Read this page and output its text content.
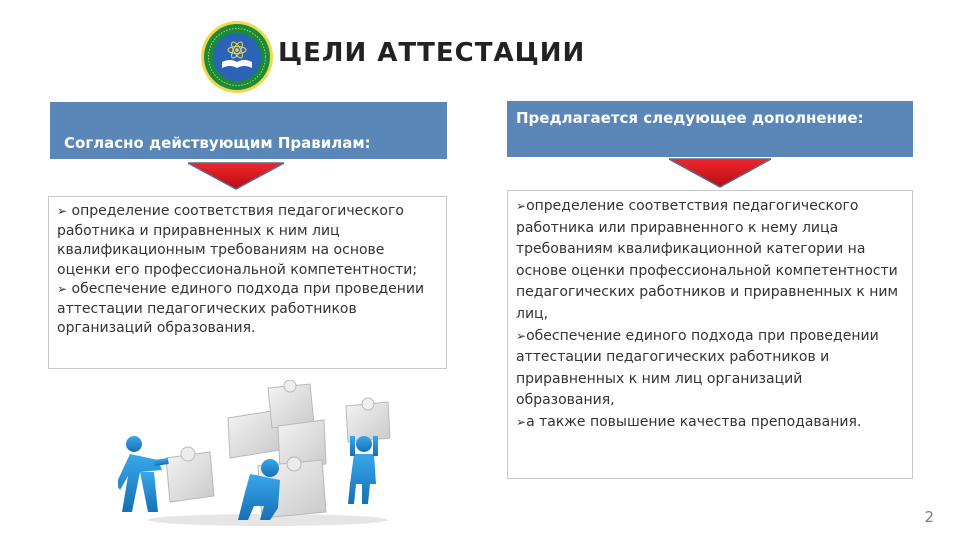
ЦЕЛИ АТТЕСТАЦИИ
Согласно действующим Правилам:
Предлагается следующее дополнение:

➢ определение соответствия педагогического работника и приравненных к ним лиц квалификационным требованиям на основе оценки его профессиональной компетентности;

➢ обеспечение единого подхода при проведении аттестации педагогических работников организаций образования.

➢определение соответствия педагогического работника или приравненного к нему лица требованиям квалификационной категории на основе оценки профессиональной компетентности педагогических работников и приравненных к ним лиц,

➢обеспечение единого подхода при проведении аттестации педагогических работников и приравненных к ним лиц организаций образования,

➢а также повышение качества преподавания.

2
